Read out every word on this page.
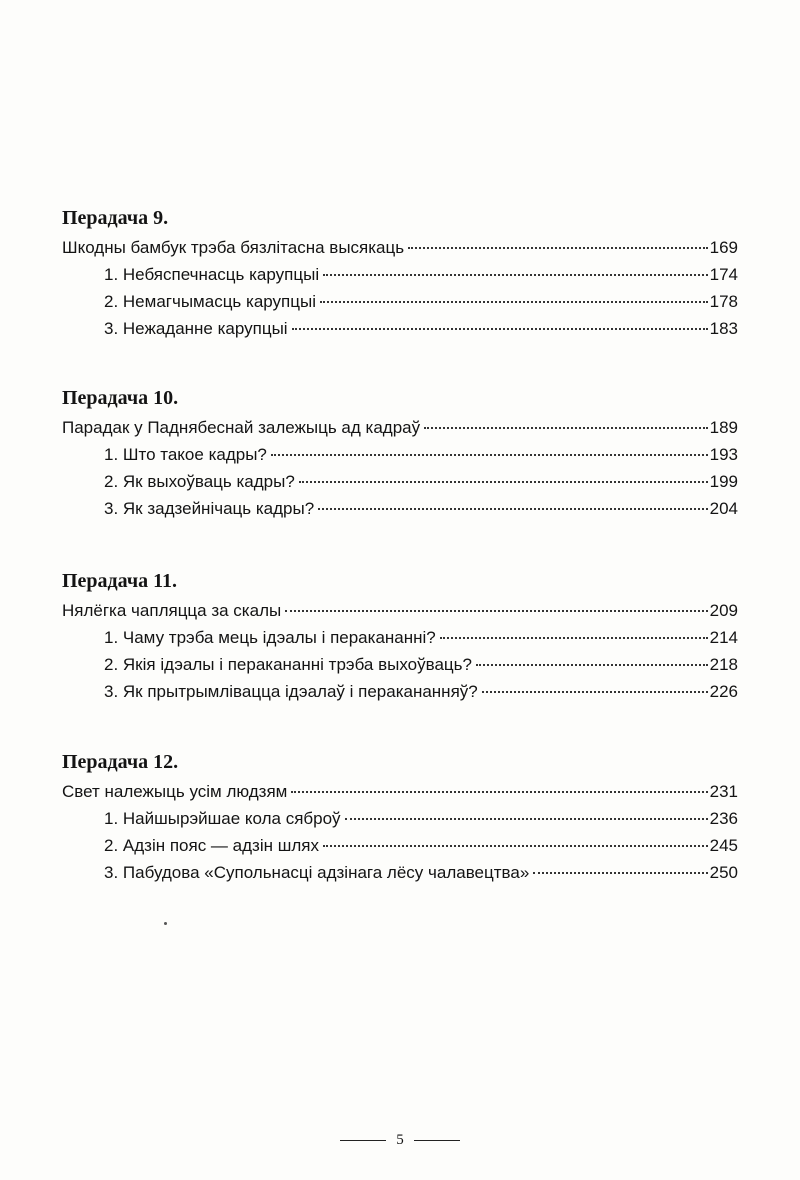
Перадача 9.
Шкодны бамбук трэба бязлітасна высякаць	169
1. Небяспечнасць карупцыі	174
2. Немагчымасць карупцыі	178
3. Нежаданне карупцыі	183
Перадача 10.
Парадак у Паднябеснай залежыць ад кадраў	189
1. Што такое кадры?	193
2. Як выхоўваць кадры?	199
3. Як задзейнічаць кадры?	204
Перадача 11.
Нялёгка чапляцца за скалы	209
1. Чаму трэба мець ідэалы і перакананні?	214
2. Якія ідэалы і перакананні трэба выхоўваць?	218
3. Як прытрымлівацца ідэалаў і перакананняў?	226
Перадача 12.
Свет належыць усім людзям	231
1. Найшырэйшае кола сяброў	236
2. Адзін пояс — адзін шлях	245
3. Пабудова «Супольнасці адзінага лёсу чалавецтва»	250
5
